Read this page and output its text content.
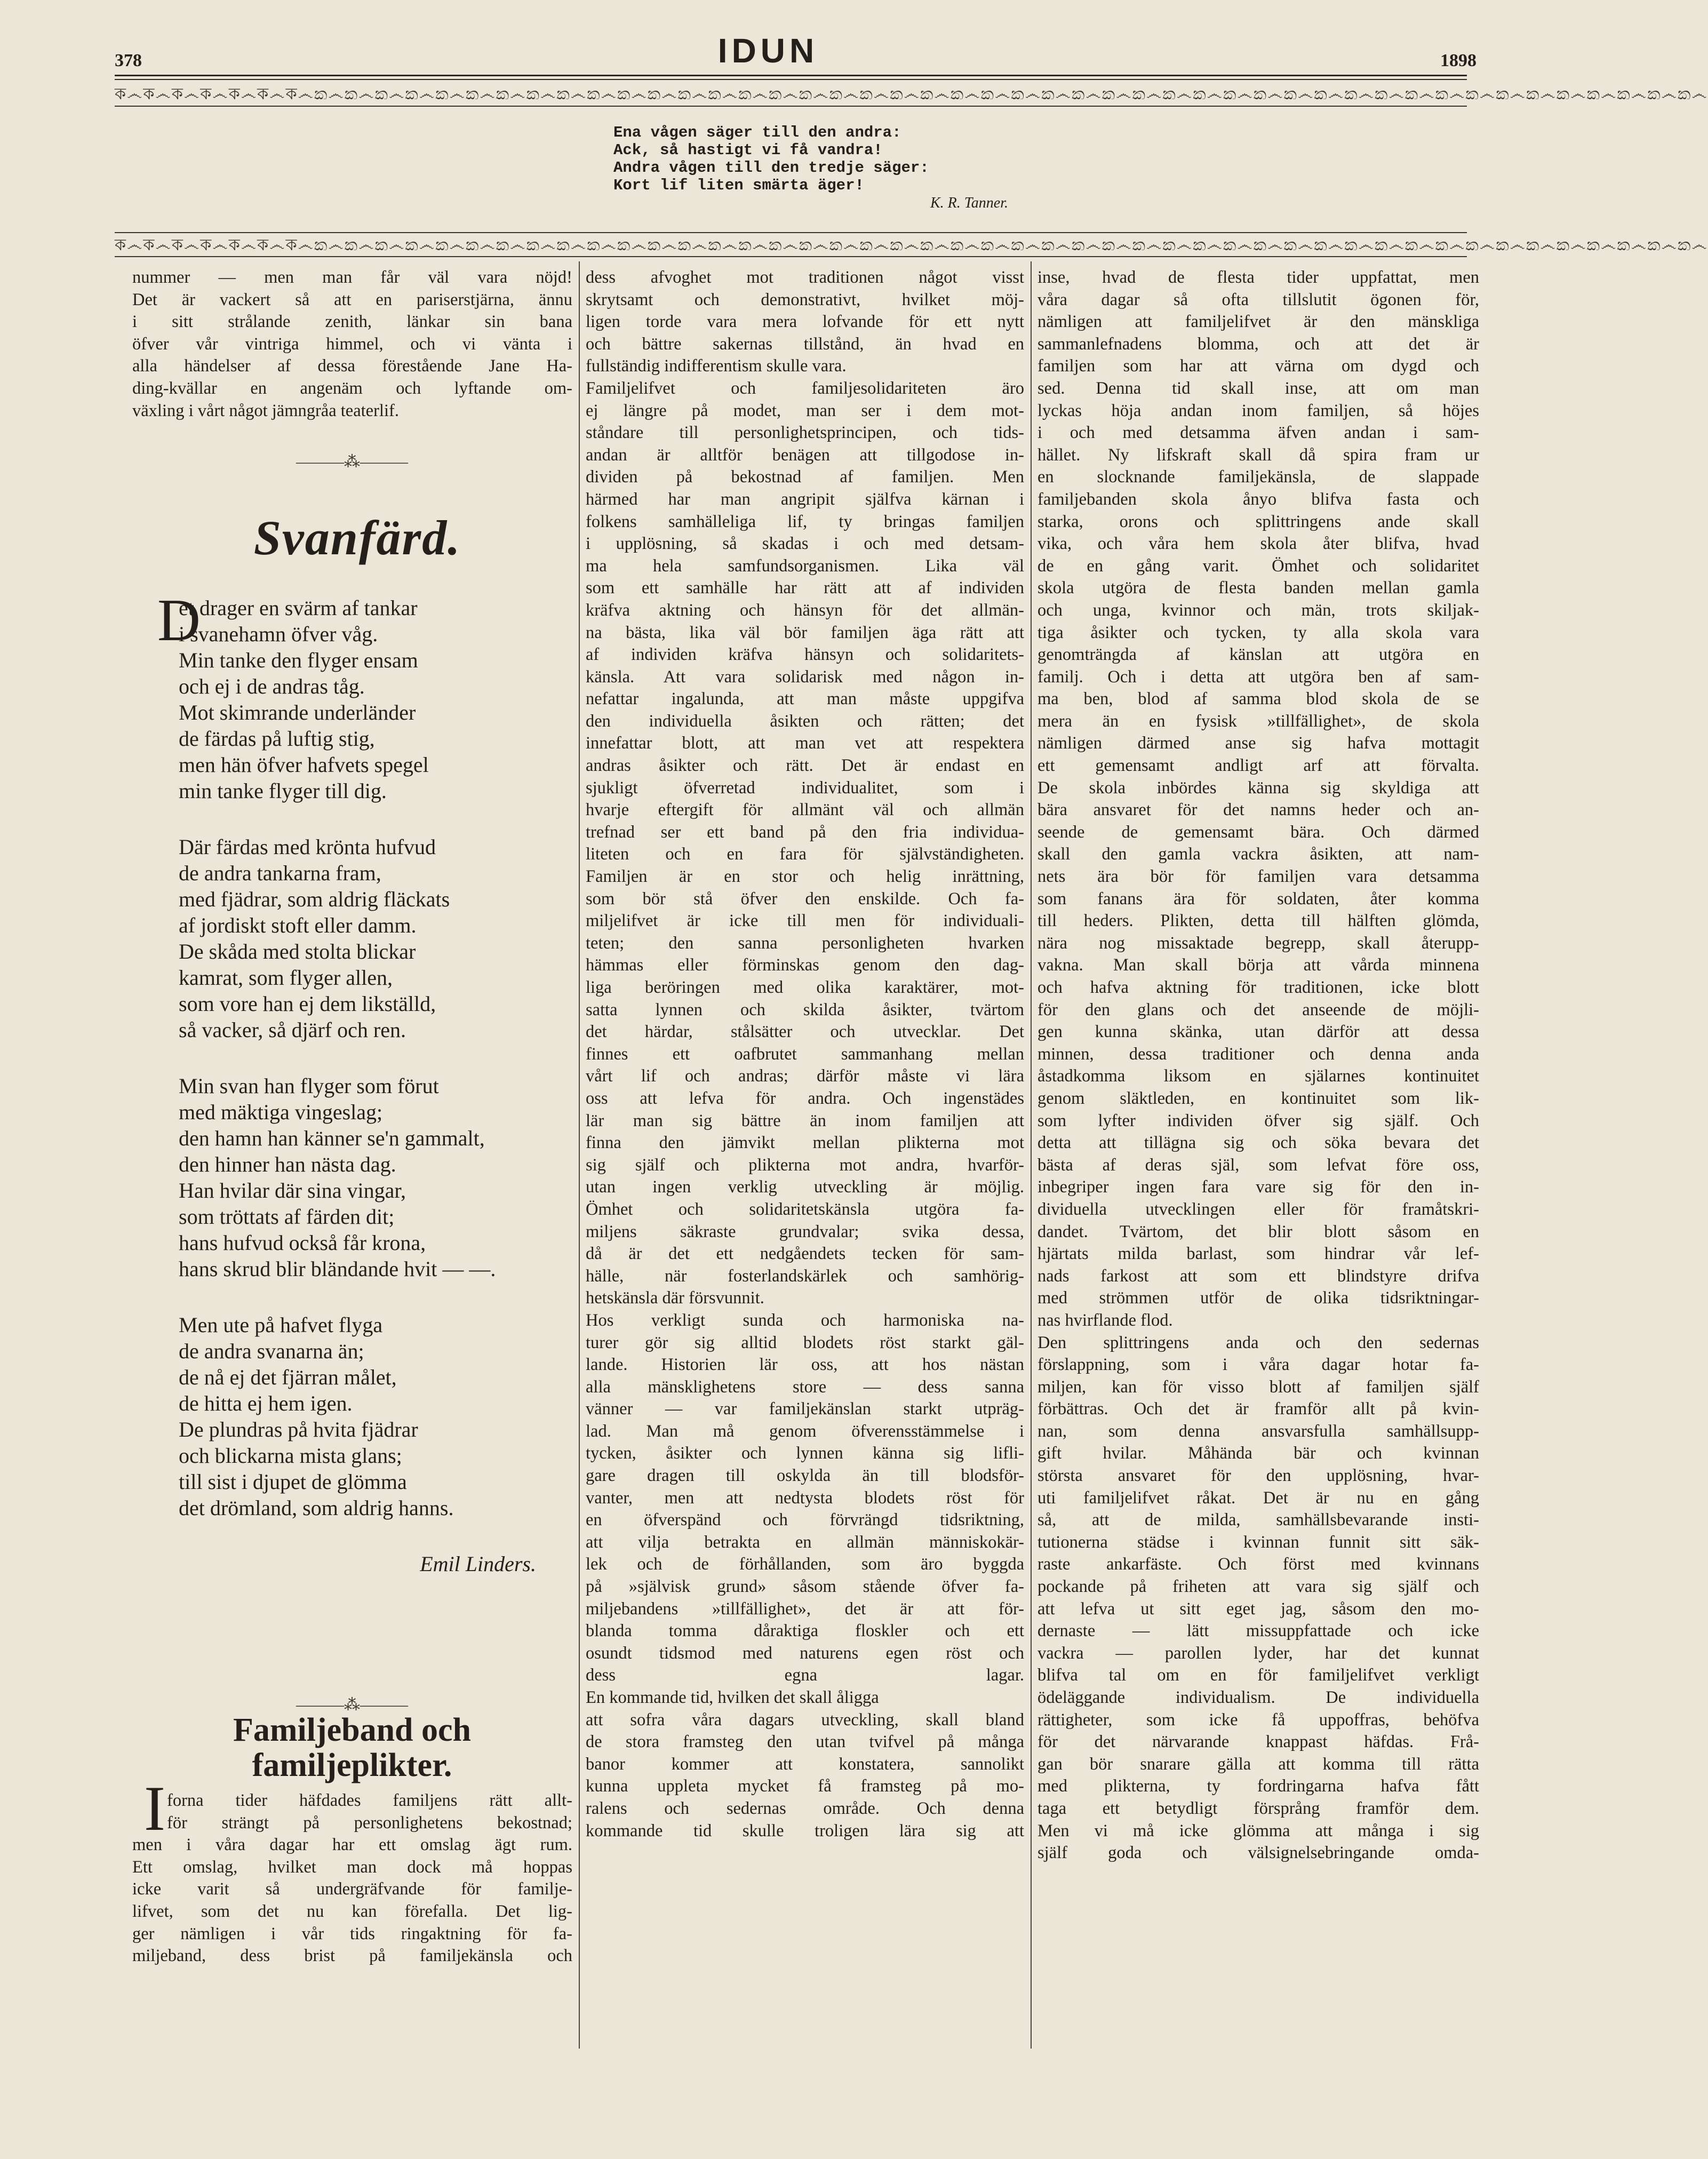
378	IDUN	1898
ক෴ক෴ক෴ক෴ক෴ক෴ক෴ක෴ක෴ක෴ක෴ක෴ක෴ක෴ක෴ක෴ක෴ක෴ක෴ක෴ක෴ක෴ක෴ක෴ක෴ක෴ක෴ක෴ක෴ක෴ක෴ක෴ක෴ක෴ක෴ක෴ක෴ක෴ක෴ක෴ක෴ක෴ක෴ක෴ක෴ක෴ක෴ක෴ක෴ක෴ක෴ක෴ක෴
Ena vågen säger till den andra:
Ack, så hastigt vi få vandra!
Andra vågen till den tredje säger:
Kort lif liten smärta äger!
K. R. Tanner.
ক෴ক෴ক෴ক෴ক෴ক෴ক෴ක෴ක෴ක෴ක෴ක෴ක෴ක෴ක෴ක෴ක෴ක෴ක෴ක෴ක෴ක෴ක෴ක෴ක෴ක෴ක෴ක෴ක෴ක෴ක෴ක෴ක෴ක෴ක෴ක෴ක෴ක෴ක෴ක෴ක෴ක෴ක෴ක෴ක෴ක෴ක෴ක෴ක෴ක෴ක෴ක෴ක෴
nummer — men man får väl vara nöjd!
Det är vackert så att en pariserstjärna, ännu
i sitt strålande zenith, länkar sin bana
öfver vår vintriga himmel, och vi vänta i
alla händelser af dessa förestående Jane Ha-
ding-kvällar en angenäm och lyftande om-
växling i vårt något jämngråa teaterlif.
———⁂———
Svanfärd.
D
et drager en svärm af tankar
i svanehamn öfver våg.
Min tanke den flyger ensam
och ej i de andras tåg.
Mot skimrande underländer
de färdas på luftig stig,
men hän öfver hafvets spegel
min tanke flyger till dig.
Där färdas med krönta hufvud
de andra tankarna fram,
med fjädrar, som aldrig fläckats
af jordiskt stoft eller damm.
De skåda med stolta blickar
kamrat, som flyger allen,
som vore han ej dem likställd,
så vacker, så djärf och ren.
Min svan han flyger som förut
med mäktiga vingeslag;
den hamn han känner se'n gammalt,
den hinner han nästa dag.
Han hvilar där sina vingar,
som tröttats af färden dit;
hans hufvud också får krona,
hans skrud blir bländande hvit — —.
Men ute på hafvet flyga
de andra svanarna än;
de nå ej det fjärran målet,
de hitta ej hem igen.
De plundras på hvita fjädrar
och blickarna mista glans;
till sist i djupet de glömma
det drömland, som aldrig hanns.
Emil Linders.
———⁂———
Familjeband och
familjeplikter.
I forna tider häfdades familjens rätt allt-
för strängt på personlighetens bekostnad;
men i våra dagar har ett omslag ägt rum.
Ett omslag, hvilket man dock må hoppas
icke varit så undergräfvande för familje-
lifvet, som det nu kan förefalla. Det lig-
ger nämligen i vår tids ringaktning för fa-
miljeband, dess brist på familjekänsla och
dess afvoghet mot traditionen något visst
skrytsamt och demonstrativt, hvilket möj-
ligen torde vara mera lofvande för ett nytt
och bättre sakernas tillstånd, än hvad en
fullständig indifferentism skulle vara.
Familjelifvet och familjesolidariteten äro
ej längre på modet, man ser i dem mot-
ståndare till personlighetsprincipen, och tids-
andan är alltför benägen att tillgodose in-
dividen på bekostnad af familjen. Men
härmed har man angripit själfva kärnan i
folkens samhälleliga lif, ty bringas familjen
i upplösning, så skadas i och med detsam-
ma hela samfundsorganismen. Lika väl
som ett samhälle har rätt att af individen
kräfva aktning och hänsyn för det allmän-
na bästa, lika väl bör familjen äga rätt att
af individen kräfva hänsyn och solidaritets-
känsla. Att vara solidarisk med någon in-
nefattar ingalunda, att man måste uppgifva
den individuella åsikten och rätten; det
innefattar blott, att man vet att respektera
andras åsikter och rätt. Det är endast en
sjukligt öfverretad individualitet, som i
hvarje eftergift för allmänt väl och allmän
trefnad ser ett band på den fria individua-
liteten och en fara för självständigheten.
Familjen är en stor och helig inrättning,
som bör stå öfver den enskilde. Och fa-
miljelifvet är icke till men för individuali-
teten; den sanna personligheten hvarken
hämmas eller förminskas genom den dag-
liga beröringen med olika karaktärer, mot-
satta lynnen och skilda åsikter, tvärtom
det härdar, stålsätter och utvecklar. Det
finnes ett oafbrutet sammanhang mellan
vårt lif och andras; därför måste vi lära
oss att lefva för andra. Och ingenstädes
lär man sig bättre än inom familjen att
finna den jämvikt mellan plikterna mot
sig själf och plikterna mot andra, hvarför-
utan ingen verklig utveckling är möjlig.
Ömhet och solidaritetskänsla utgöra fa-
miljens säkraste grundvalar; svika dessa,
då är det ett nedgåendets tecken för sam-
hälle, när fosterlandskärlek och samhörig-
hetskänsla där försvunnit.
Hos verkligt sunda och harmoniska na-
turer gör sig alltid blodets röst starkt gäl-
lande. Historien lär oss, att hos nästan
alla mänsklighetens store — dess sanna
vänner — var familjekänslan starkt utpräg-
lad. Man må genom öfverensstämmelse i
tycken, åsikter och lynnen känna sig lifli-
gare dragen till oskylda än till blodsför-
vanter, men att nedtysta blodets röst för
en öfverspänd och förvrängd tidsriktning,
att vilja betrakta en allmän människokär-
lek och de förhållanden, som äro byggda
på »självisk grund» såsom stående öfver fa-
miljebandens »tillfällighet», det är att för-
blanda tomma dåraktiga floskler och ett
osundt tidsmod med naturens egen röst och
dess egna lagar.
En kommande tid, hvilken det skall åligga
att sofra våra dagars utveckling, skall bland
de stora framsteg den utan tvifvel på många
banor kommer att konstatera, sannolikt
kunna uppleta mycket få framsteg på mo-
ralens och sedernas område. Och denna
kommande tid skulle troligen lära sig att
inse, hvad de flesta tider uppfattat, men
våra dagar så ofta tillslutit ögonen för,
nämligen att familjelifvet är den mänskliga
sammanlefnadens blomma, och att det är
familjen som har att värna om dygd och
sed. Denna tid skall inse, att om man
lyckas höja andan inom familjen, så höjes
i och med detsamma äfven andan i sam-
hället. Ny lifskraft skall då spira fram ur
en slocknande familjekänsla, de slappade
familjebanden skola ånyo blifva fasta och
starka, orons och splittringens ande skall
vika, och våra hem skola åter blifva, hvad
de en gång varit. Ömhet och solidaritet
skola utgöra de flesta banden mellan gamla
och unga, kvinnor och män, trots skiljak-
tiga åsikter och tycken, ty alla skola vara
genomträngda af känslan att utgöra en
familj. Och i detta att utgöra ben af sam-
ma ben, blod af samma blod skola de se
mera än en fysisk »tillfällighet», de skola
nämligen därmed anse sig hafva mottagit
ett gemensamt andligt arf att förvalta.
De skola inbördes känna sig skyldiga att
bära ansvaret för det namns heder och an-
seende de gemensamt bära. Och därmed
skall den gamla vackra åsikten, att nam-
nets ära bör för familjen vara detsamma
som fanans ära för soldaten, åter komma
till heders. Plikten, detta till hälften glömda,
nära nog missaktade begrepp, skall återupp-
vakna. Man skall börja att vårda minnena
och hafva aktning för traditionen, icke blott
för den glans och det anseende de möjli-
gen kunna skänka, utan därför att dessa
minnen, dessa traditioner och denna anda
åstadkomma liksom en själarnes kontinuitet
genom släktleden, en kontinuitet som lik-
som lyfter individen öfver sig själf. Och
detta att tillägna sig och söka bevara det
bästa af deras själ, som lefvat före oss,
inbegriper ingen fara vare sig för den in-
dividuella utvecklingen eller för framåtskri-
dandet. Tvärtom, det blir blott såsom en
hjärtats milda barlast, som hindrar vår lef-
nads farkost att som ett blindstyre drifva
med strömmen utför de olika tidsriktningar-
nas hvirflande flod.
Den splittringens anda och den sedernas
förslappning, som i våra dagar hotar fa-
miljen, kan för visso blott af familjen själf
förbättras. Och det är framför allt på kvin-
nan, som denna ansvarsfulla samhällsupp-
gift hvilar. Måhända bär och kvinnan
största ansvaret för den upplösning, hvar-
uti familjelifvet råkat. Det är nu en gång
så, att de milda, samhällsbevarande insti-
tutionerna städse i kvinnan funnit sitt säk-
raste ankarfäste. Och först med kvinnans
pockande på friheten att vara sig själf och
att lefva ut sitt eget jag, såsom den mo-
dernaste — lätt missuppfattade och icke
vackra — parollen lyder, har det kunnat
blifva tal om en för familjelifvet verkligt
ödeläggande individualism. De individuella
rättigheter, som icke få uppoffras, behöfva
för det närvarande knappast häfdas. Frå-
gan bör snarare gälla att komma till rätta
med plikterna, ty fordringarna hafva fått
taga ett betydligt försprång framför dem.
Men vi må icke glömma att många i sig
själf goda och välsignelsebringande omda-
